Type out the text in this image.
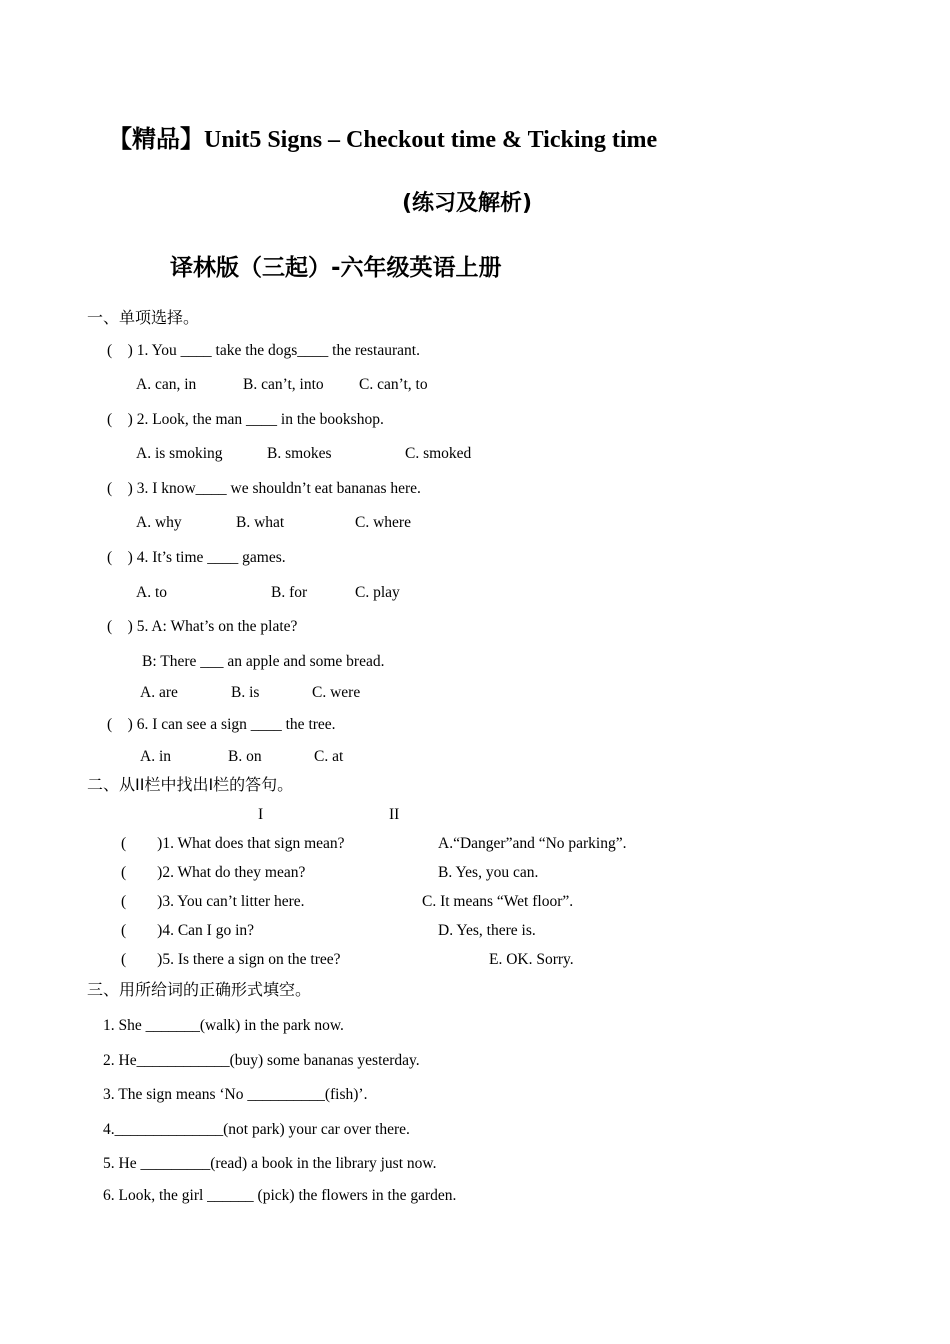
【精品】Unit5 Signs – Checkout time & Ticking time
(练习及解析)
译林版（三起）-六年级英语上册
一、单项选择。
(    ) 1. You ____ take the dogs____ the restaurant.
A. can, in	B. can’t, into C. can’t, to
(    ) 2. Look, the man ____ in the bookshop.
A. is smoking	B. smokes	C. smoked
(    ) 3. I know____ we shouldn’t eat bananas here.
A. why	B. what	C. where
(    ) 4. It’s time ____ games.
A. to	B. for	C. play
(    ) 5. A: What’s on the plate?
B: There ___ an apple and some bread.
A. are	B. is	C. were
(    ) 6. I can see a sign ____ the tree.
A. in	B. on	C. at
二、从II栏中找出I栏的答句。
I	II
(        )1. What does that sign mean?	A.“Danger”and “No parking”.
(        )2. What do they mean?	B. Yes, you can.
(        )3. You can’t litter here.	C. It means “Wet floor”.
(        )4. Can I go in?	D. Yes, there is.
(        )5. Is there a sign on the tree?	E. OK. Sorry.
三、用所给词的正确形式填空。
1. She _______(walk) in the park now.
2. He____________(buy) some bananas yesterday.
3. The sign means ‘No __________(fish)’.
4.______________(not park) your car over there.
5. He _________(read) a book in the library just now.
6. Look, the girl ______ (pick) the flowers in the garden.
